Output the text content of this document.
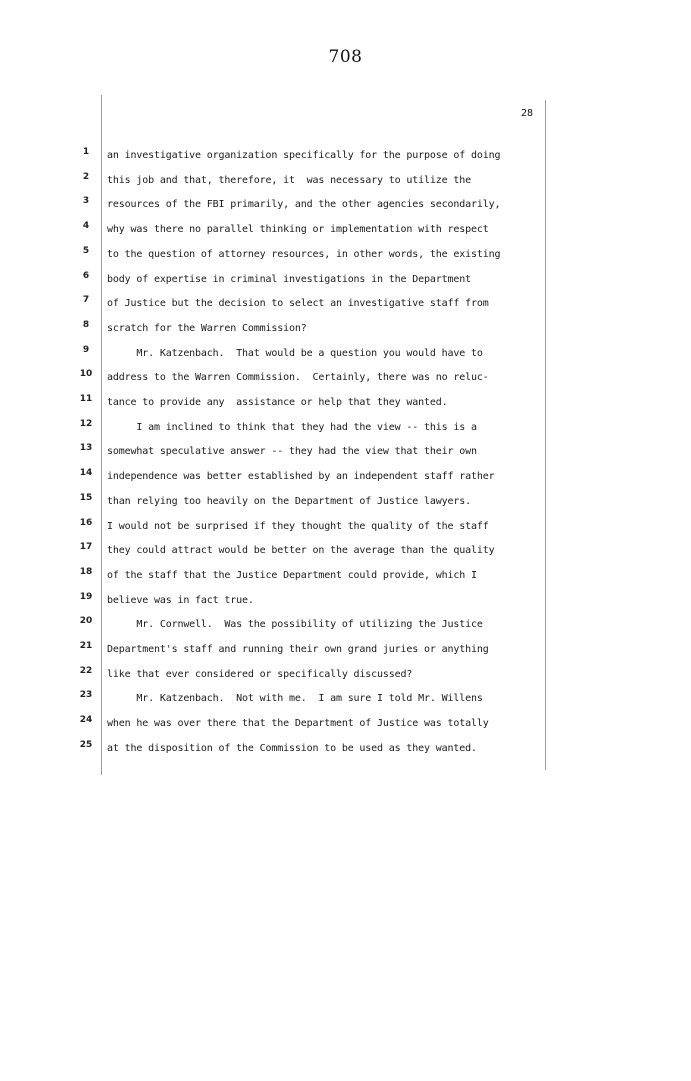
708
28
1
2
3
4
5
6
7
8
9
10
11
12
13
14
15
16
17
18
19
20
21
22
23
24
25
an investigative organization specifically for the purpose of doing
this job and that, therefore, it  was necessary to utilize the
resources of the FBI primarily, and the other agencies secondarily,
why was there no parallel thinking or implementation with respect
to the question of attorney resources, in other words, the existing
body of expertise in criminal investigations in the Department
of Justice but the decision to select an investigative staff from
scratch for the Warren Commission?
Mr. Katzenbach.  That would be a question you would have to
address to the Warren Commission.  Certainly, there was no reluc-
tance to provide any  assistance or help that they wanted.
I am inclined to think that they had the view -- this is a
somewhat speculative answer -- they had the view that their own
independence was better established by an independent staff rather
than relying too heavily on the Department of Justice lawyers.
I would not be surprised if they thought the quality of the staff
they could attract would be better on the average than the quality
of the staff that the Justice Department could provide, which I
believe was in fact true.
Mr. Cornwell.  Was the possibility of utilizing the Justice
Department's staff and running their own grand juries or anything
like that ever considered or specifically discussed?
Mr. Katzenbach.  Not with me.  I am sure I told Mr. Willens
when he was over there that the Department of Justice was totally
at the disposition of the Commission to be used as they wanted.
